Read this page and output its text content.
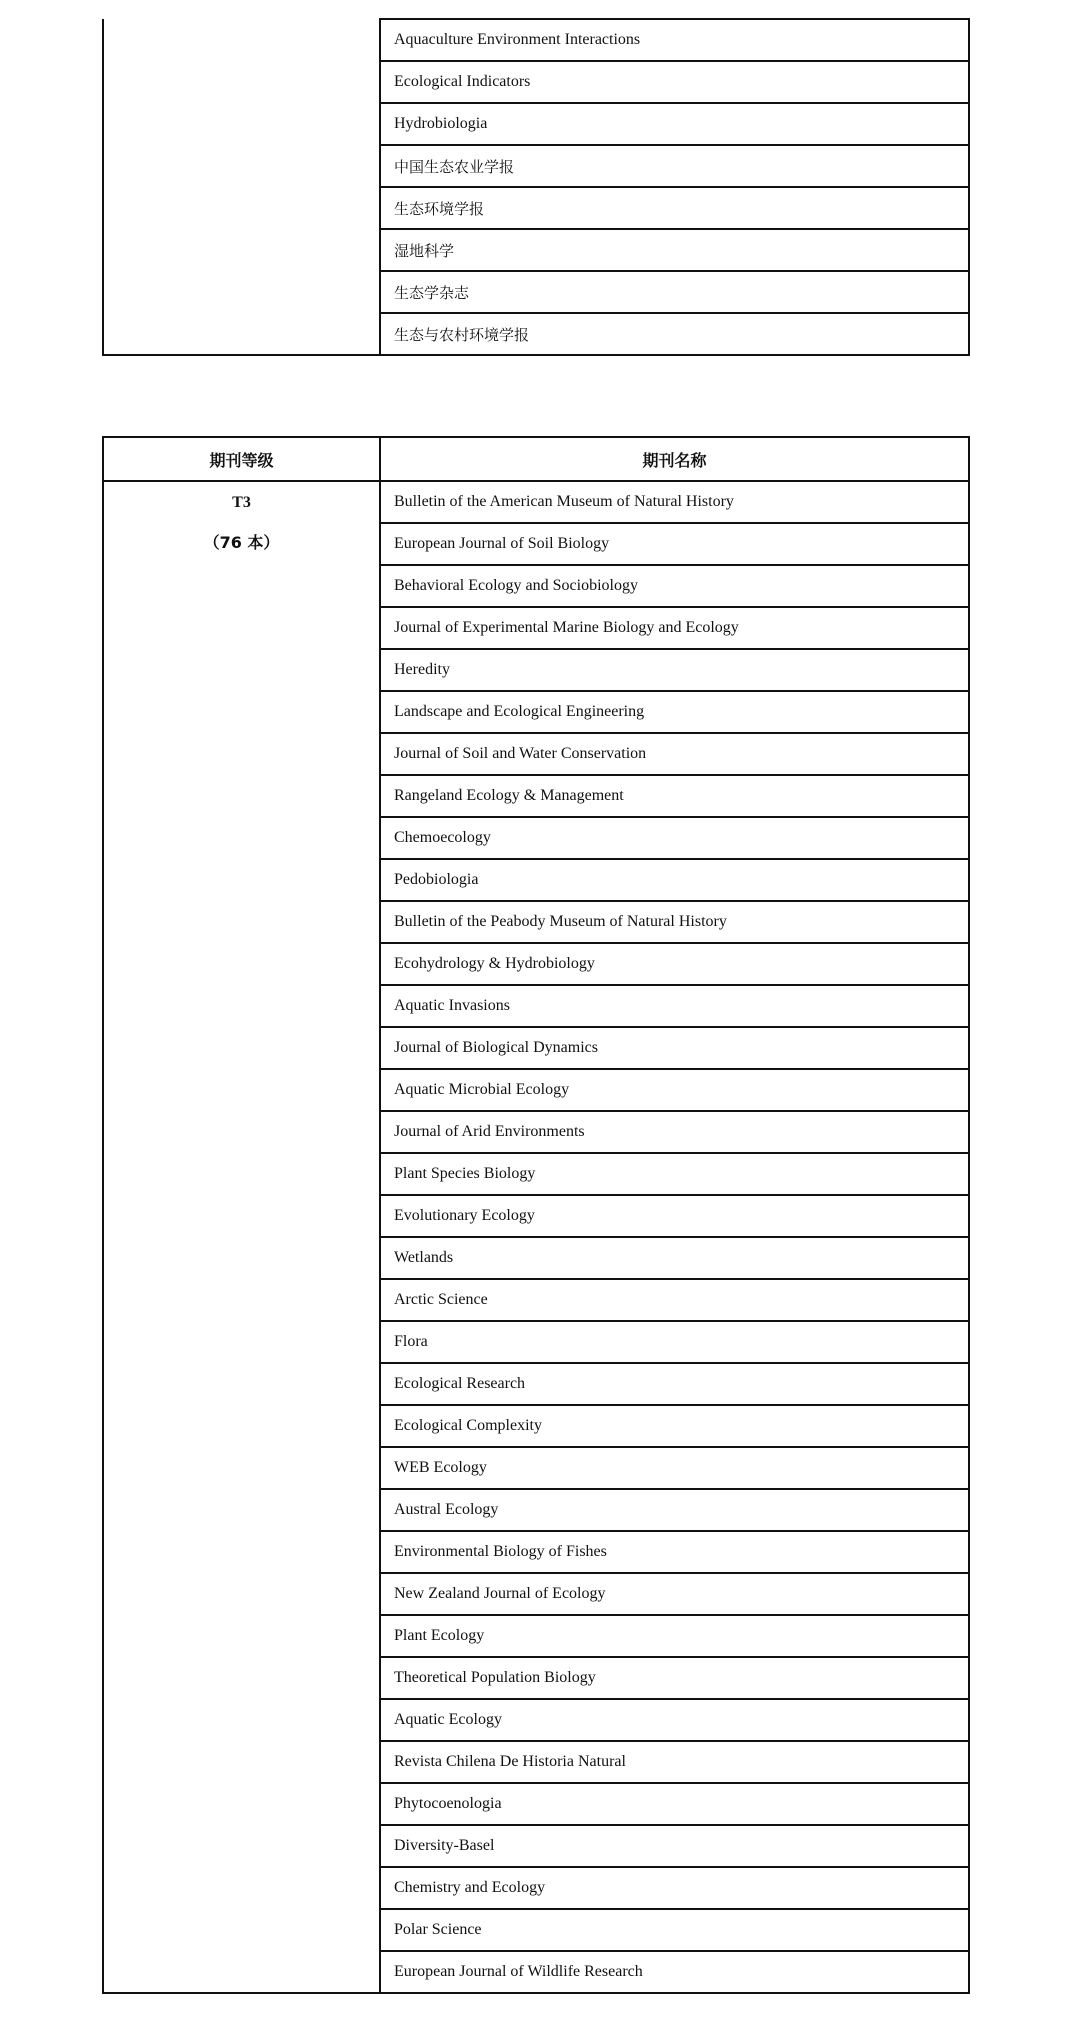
	Aquaculture Environment Interactions
Ecological Indicators
Hydrobiologia
中国生态农业学报
生态环境学报
湿地科学
生态学杂志
生态与农村环境学报
期刊等级	期刊名称

T3
（76 本）	Bulletin of the American Museum of Natural History
	European Journal of Soil Biology
	Behavioral Ecology and Sociobiology
	Journal of Experimental Marine Biology and Ecology
	Heredity
	Landscape and Ecological Engineering
	Journal of Soil and Water Conservation
	Rangeland Ecology & Management
	Chemoecology
	Pedobiologia
	Bulletin of the Peabody Museum of Natural History
	Ecohydrology & Hydrobiology
	Aquatic Invasions
	Journal of Biological Dynamics
	Aquatic Microbial Ecology
	Journal of Arid Environments
	Plant Species Biology
	Evolutionary Ecology
	Wetlands
	Arctic Science
	Flora
	Ecological Research
	Ecological Complexity
	WEB Ecology
	Austral Ecology
	Environmental Biology of Fishes
	New Zealand Journal of Ecology
	Plant Ecology
	Theoretical Population Biology
	Aquatic Ecology
	Revista Chilena De Historia Natural
	Phytocoenologia
	Diversity-Basel
	Chemistry and Ecology
	Polar Science
	European Journal of Wildlife Research
